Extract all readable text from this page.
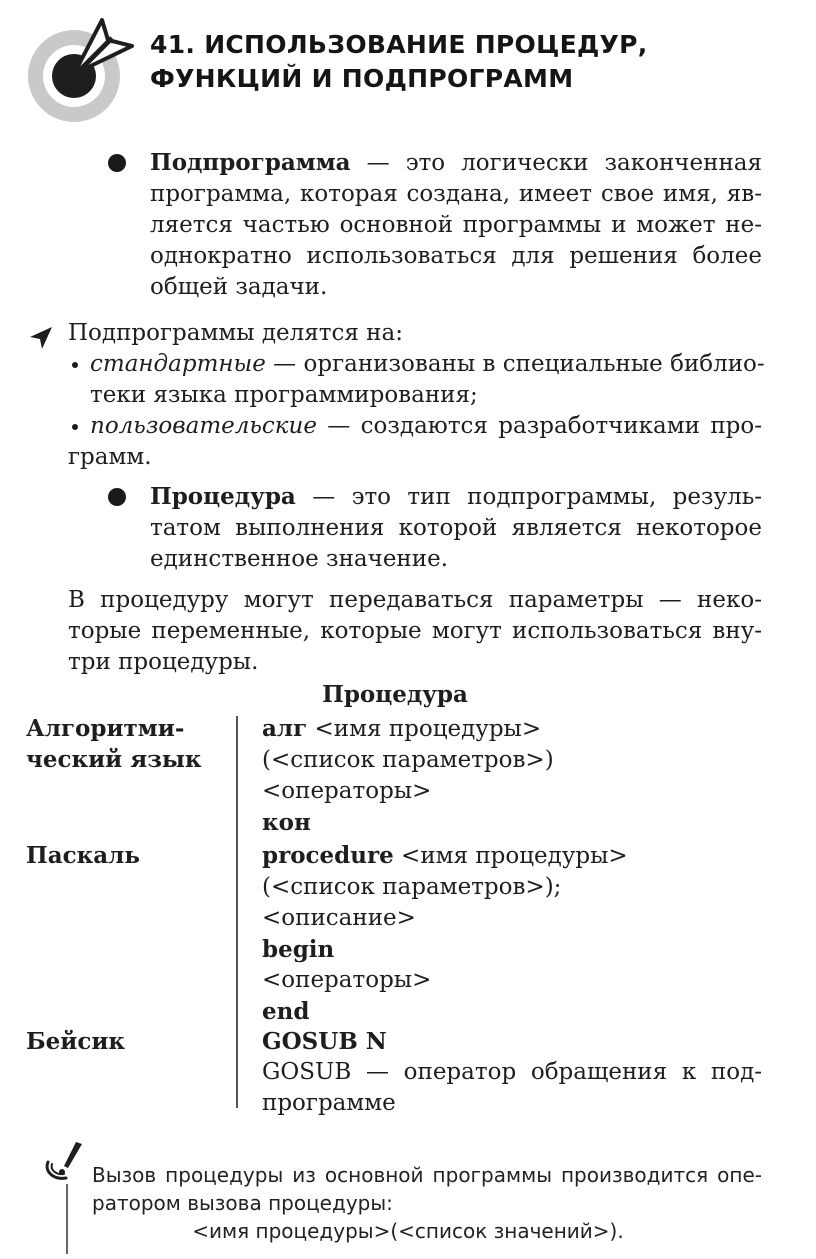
41. ИСПОЛЬЗОВАНИЕ ПРОЦЕДУР,
ФУНКЦИЙ И ПОДПРОГРАММ
Подпрограмма — это логически законченная
программа, которая создана, имеет свое имя, яв-
ляется частью основной программы и может не-
однократно использоваться для решения более
общей задачи.
Подпрограммы делятся на:
стандартные — организованы в специальные библио-
теки языка программирования;
пользовательские — создаются разработчиками про-
грамм.
Процедура — это тип подпрограммы, резуль-
татом выполнения которой является некоторое
единственное значение.
В процедуру могут передаваться параметры — неко-
торые переменные, которые могут использоваться вну-
три процедуры.
Процедура
Алгоритми-
ческий язык
алг <имя процедуры>
(<список параметров>)
<операторы>
кон
Паскаль	procedure <имя процедуры>
(<список параметров>);
<описание>
begin
<операторы>
end
Бейсик	GOSUB N
GOSUB — оператор обращения к под-
программе
Вызов процедуры из основной программы производится опе-
ратором вызова процедуры:
<имя процедуры>(<список значений>).
